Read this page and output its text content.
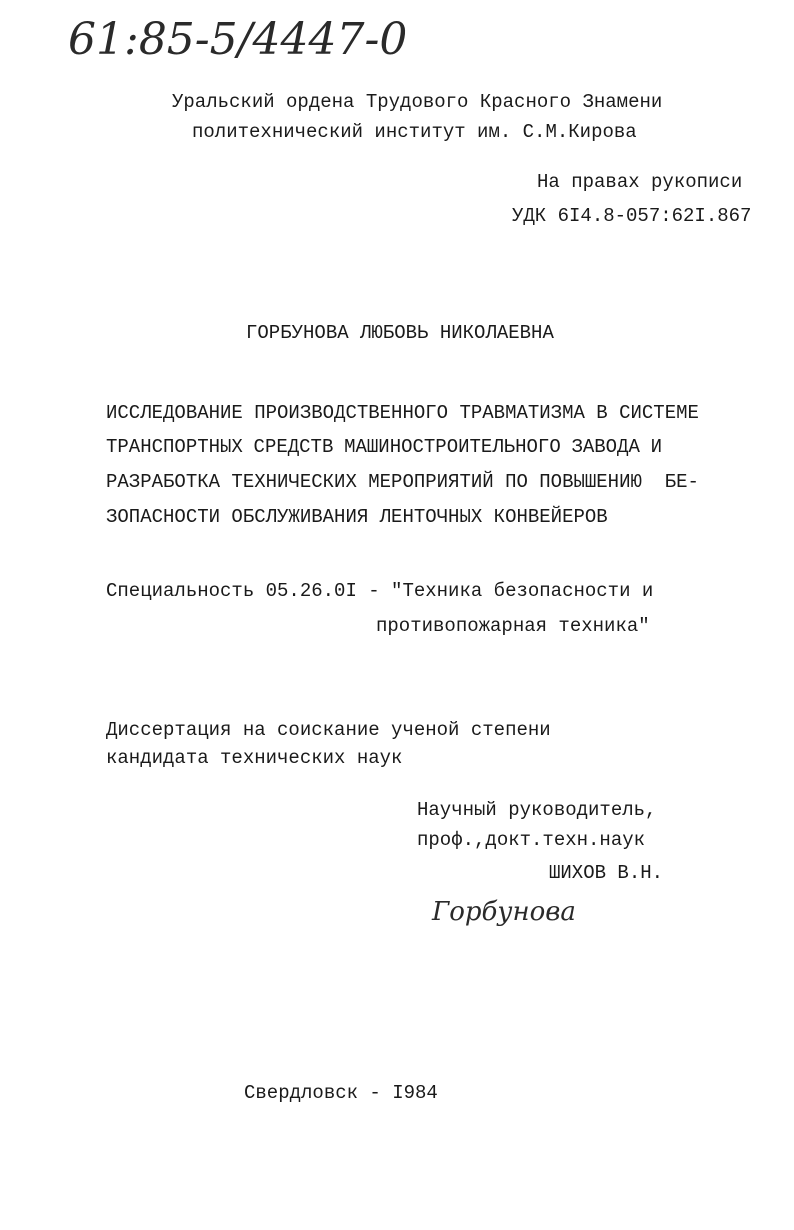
61:85-5/4447-0
Уральский ордена Трудового Красного Знамени
политехнический институт им. С.М.Кирова
На правах рукописи
УДК 6I4.8-057:62I.867
ГОРБУНОВА ЛЮБОВЬ НИКОЛАЕВНА
ИССЛЕДОВАНИЕ ПРОИЗВОДСТВЕННОГО ТРАВМАТИЗМА В СИСТЕМЕ
ТРАНСПОРТНЫХ СРЕДСТВ МАШИНОСТРОИТЕЛЬНОГО ЗАВОДА И
РАЗРАБОТКА ТЕХНИЧЕСКИХ МЕРОПРИЯТИЙ ПО ПОВЫШЕНИЮ  БЕ-
ЗОПАСНОСТИ ОБСЛУЖИВАНИЯ ЛЕНТОЧНЫХ КОНВЕЙЕРОВ
Специальность 05.26.0I - "Техника безопасности и
противопожарная техника"
Диссертация на соискание ученой степени
кандидата технических наук
Научный руководитель,
проф.,докт.техн.наук
ШИХОВ В.Н.
Горбунова
Свердловск - I984
